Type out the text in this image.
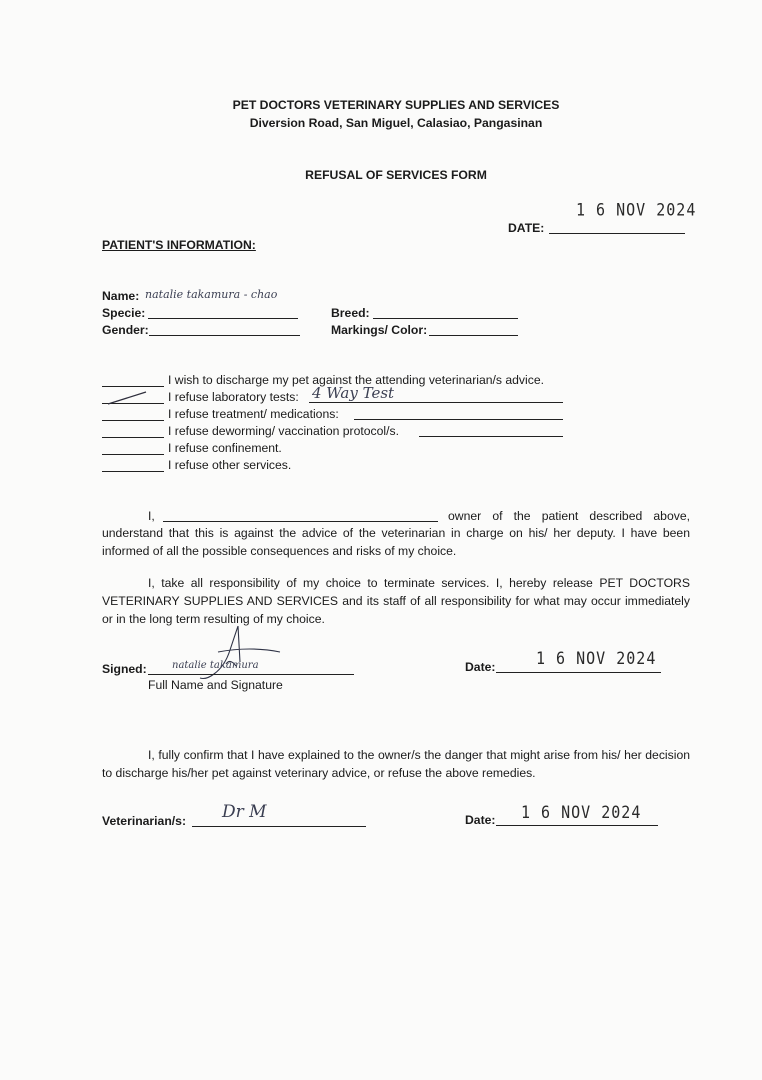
PET DOCTORS VETERINARY SUPPLIES AND SERVICES
Diversion Road, San Miguel, Calasiao, Pangasinan
REFUSAL OF SERVICES FORM
1 6 NOV 2024
DATE:
PATIENT'S INFORMATION:
Name: natalie takamura - chao
Specie:	Breed:
Gender:	Markings/ Color:
I wish to discharge my pet against the attending veterinarian/s advice.
I refuse laboratory tests: 4 Way Test
I refuse treatment/ medications:
I refuse deworming/ vaccination protocol/s.
I refuse confinement.
I refuse other services.
I,	owner of the patient described above,
understand that this is against the advice of the veterinarian in charge on his/ her deputy. I have been informed of all the possible consequences and risks of my choice.
I, take all responsibility of my choice to terminate services. I, hereby release PET DOCTORS VETERINARY SUPPLIES AND SERVICES and its staff of all responsibility for what may occur immediately or in the long term resulting of my choice.
Signed:	natalie takamura
Full Name and Signature
Date:	1 6 NOV 2024
I, fully confirm that I have explained to the owner/s the danger that might arise from his/ her decision to discharge his/her pet against veterinary advice, or refuse the above remedies.
Veterinarian/s: Dr M	Date: 1 6 NOV 2024
